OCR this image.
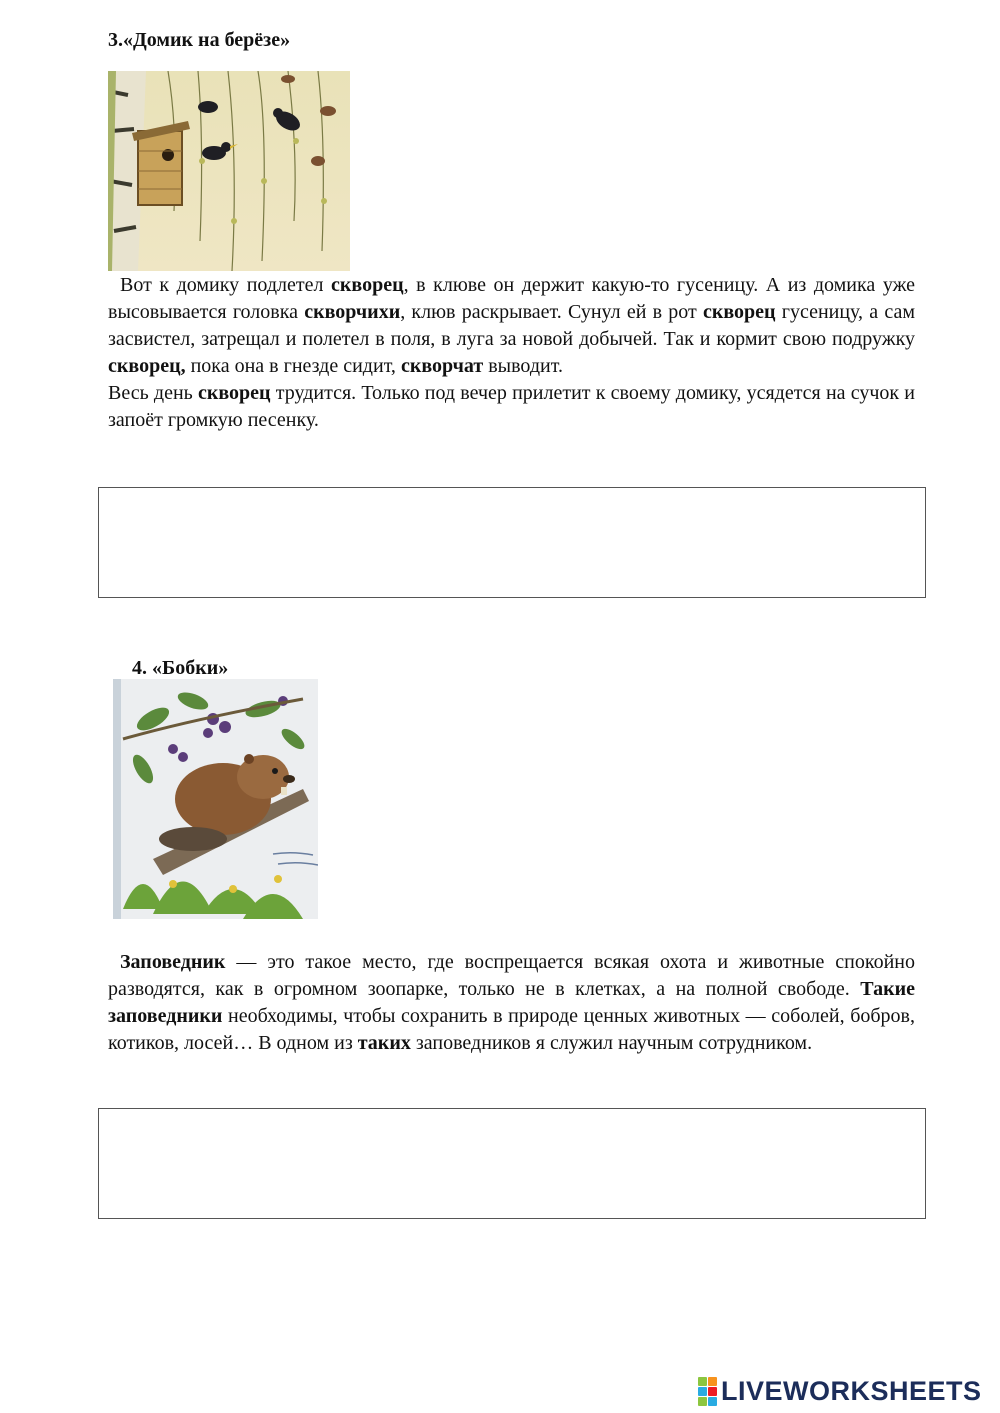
3.«Домик на берёзе»
Вот к домику подлетел скворец, в клюве он держит какую-то гусеницу. А из домика уже высовывается головка скворчихи, клюв раскрывает. Сунул ей в рот скворец гусеницу, а сам засвистел, затрещал и полетел в поля, в луга за новой добычей. Так и кормит свою подружку скворец, пока она в гнезде сидит, скворчат выводит.
Весь день скворец трудится. Только под вечер прилетит к своему домику, усядется на сучок и запоёт громкую песенку.
4. «Бобки»
Заповедник — это такое место, где воспрещается всякая охота и животные спокойно разводятся, как в огромном зоопарке, только не в клетках, а на полной свободе. Такие заповедники необходимы, чтобы сохранить в природе ценных животных — соболей, бобров, котиков, лосей… В одном из таких заповедников я служил научным сотрудником.
LIVEWORKSHEETS
